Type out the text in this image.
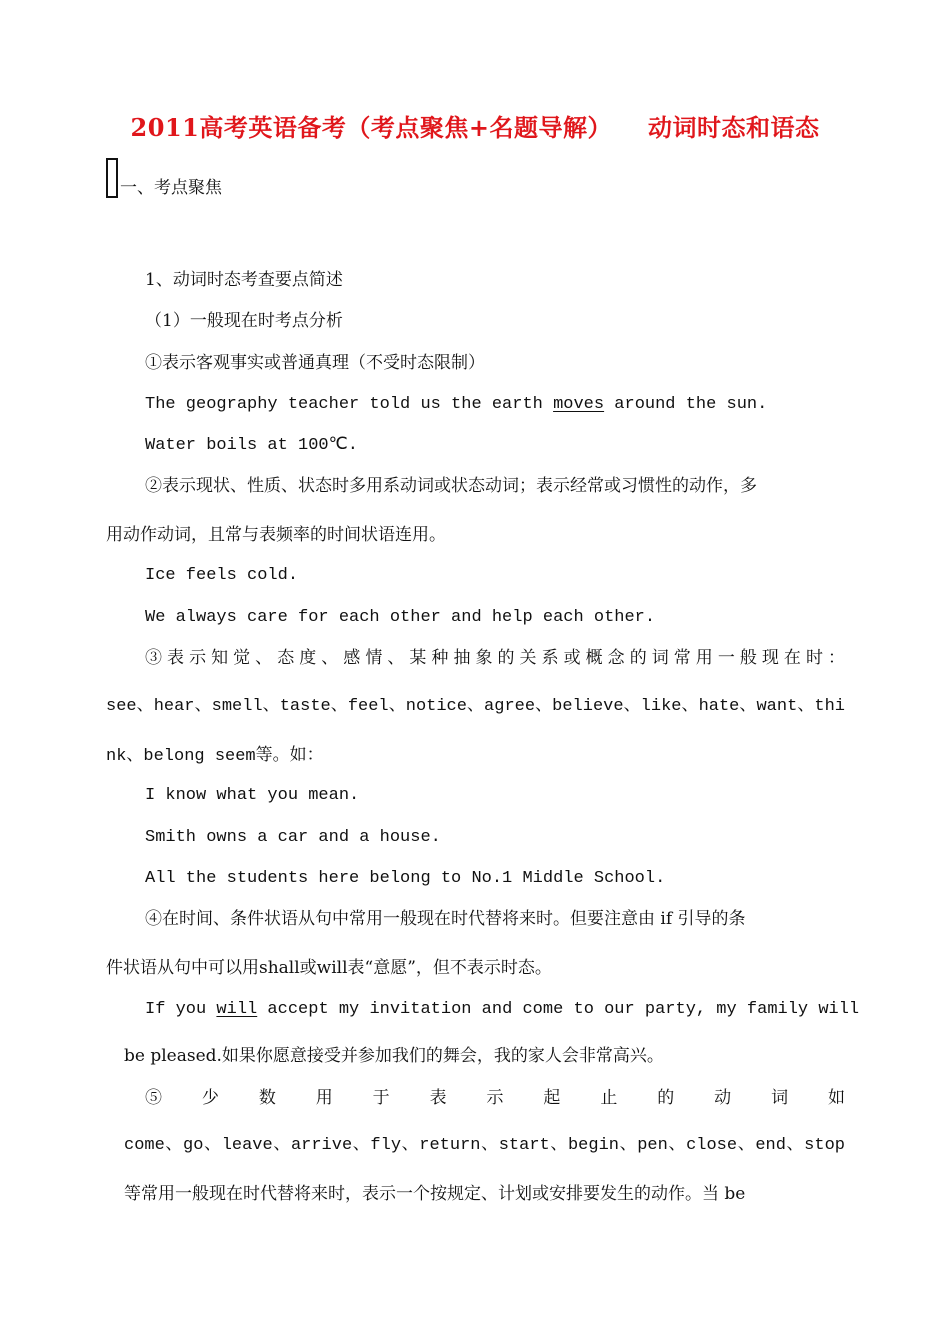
2011高考英语备考（考点聚焦+名题导解） 动词时态和语态
一、考点聚焦
1、动词时态考查要点简述
（1）一般现在时考点分析
①表示客观事实或普通真理（不受时态限制）
The geography teacher told us the earth moves around the sun.
Water boils at 100℃.
②表示现状、性质、状态时多用系动词或状态动词；表示经常或习惯性的动作，多
用动作动词，且常与表频率的时间状语连用。
Ice feels cold.
We always care for each other and help each other.
③表示知觉、态度、感情、某种抽象的关系或概念的词常用一般现在时：
see、hear、smell、taste、feel、notice、agree、believe、like、hate、want、thi
nk、belong seem等。如：
I know what you mean.
Smith owns a car and a house.
All the students here belong to No.1 Middle School.
④在时间、条件状语从句中常用一般现在时代替将来时。但要注意由 if 引导的条
件状语从句中可以用shall或will表“意愿”，但不表示时态。
If you will accept my invitation and come to our party, my family will
be pleased.如果你愿意接受并参加我们的舞会，我的家人会非常高兴。
⑤ 少 数 用 于 表 示 起 止 的 动 词 如
come、go、leave、arrive、fly、return、start、begin、pen、close、end、stop
等常用一般现在时代替将来时，表示一个按规定、计划或安排要发生的动作。当 be
